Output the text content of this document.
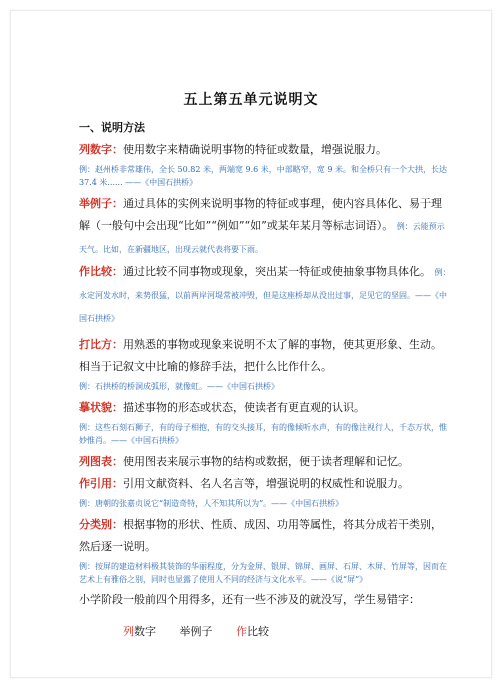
五上第五单元说明文
一、说明方法

列数字：使用数字来精确说明事物的特征或数量，增强说服力。

例：赵州桥非常雄伟，全长 50.82 米，两端宽 9.6 米，中部略窄，宽 9 米。和全桥只有一个大拱，长达 37.4 米...... ——《中国石拱桥》

举例子：通过具体的实例来说明事物的特征或事理，使内容具体化、易于理解（一般句中会出现“比如”“例如”“如”或某年某月等标志词语）。 例：云能预示天气。比如，在新疆地区，出现云就代表将要下雨。

作比较：通过比较不同事物或现象，突出某一特征或使抽象事物具体化。 例：永定河发水时，来势很猛，以前两岸河堤常被冲毁，但是这座桥却从没出过事，足见它的坚固。——《中国石拱桥》

打比方：用熟悉的事物或现象来说明不太了解的事物，使其更形象、生动。相当于记叙文中比喻的修辞手法，把什么比作什么。

例：石拱桥的桥洞成弧形，就像虹。——《中国石拱桥》

摹状貌：描述事物的形态或状态，使读者有更直观的认识。

例：这些石刻石狮子，有的母子相抱，有的交头接耳，有的像倾听水声，有的像注视行人，千态万状，惟妙惟肖。——《中国石拱桥》

列图表：使用图表来展示事物的结构或数据，便于读者理解和记忆。

作引用：引用文献资料、名人名言等，增强说明的权威性和说服力。

例：唐朝的张嘉贞说它“制造奇特，人不知其所以为”。——《中国石拱桥》

分类别：根据事物的形状、性质、成因、功用等属性，将其分成若干类别，然后逐一说明。

例：按屏的建造材料极其装饰的华丽程度，分为金屏、银屏、锦屏、画屏、石屏、木屏、竹屏等，因而在艺术上有雅俗之别，同时也显露了使用人不同的经济与文化水平。——《说“屏”》

小学阶段一般前四个用得多，还有一些不涉及的就没写，学生易错字：

列数字 举例子 作比较
